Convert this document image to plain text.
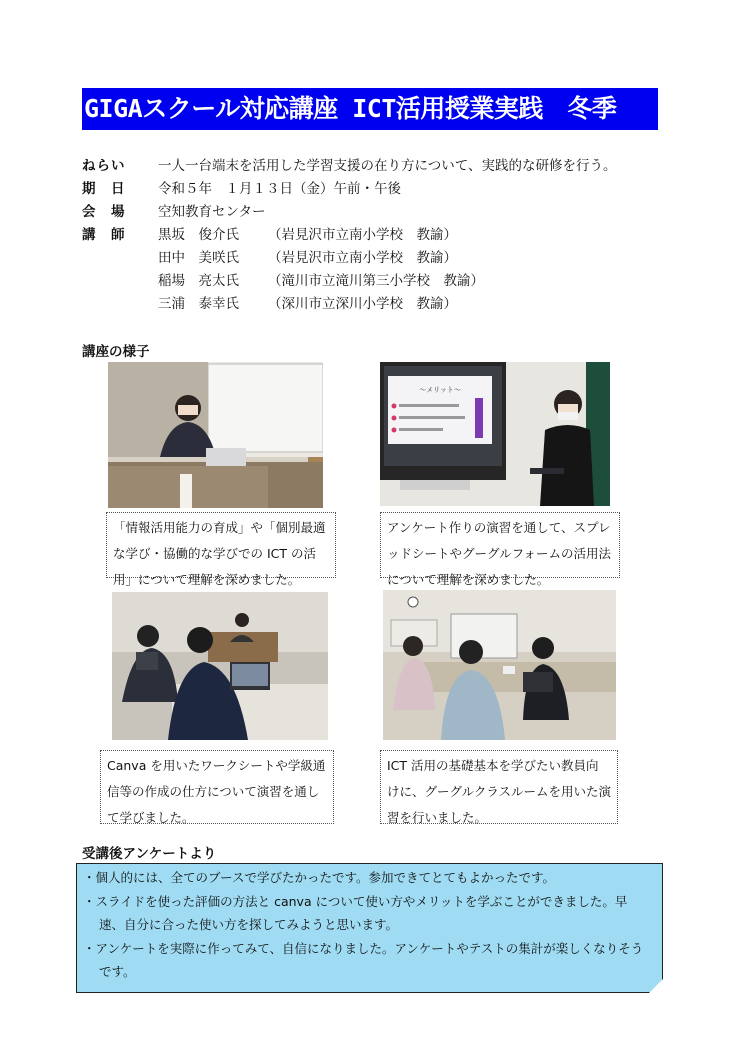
GIGAスクール対応講座 ICT活用授業実践　冬季
ねらい	一人一台端末を活用した学習支援の在り方について、実践的な研修を行う。
期　日	令和５年　１月１３日（金）午前・午後
会　場	空知教育センター
講　師	黒坂　俊介氏	（岩見沢市立南小学校　教諭）
田中　美咲氏	（岩見沢市立南小学校　教諭）
稲場　亮太氏	（滝川市立滝川第三小学校　教諭）
三浦　泰幸氏	（深川市立深川小学校　教諭）
講座の様子
～メリット～
「情報活用能力の育成」や「個別最適な学び・協働的な学びでの ICT の活用」について理解を深めました。
アンケート作りの演習を通して、スプレッドシートやグーグルフォームの活用法について理解を深めました。
Canva を用いたワークシートや学級通信等の作成の仕方について演習を通して学びました。
ICT 活用の基礎基本を学びたい教員向けに、グーグルクラスルームを用いた演習を行いました。
受講後アンケートより
・個人的には、全てのブースで学びたかったです。参加できてとてもよかったです。
・スライドを使った評価の方法と canva について使い方やメリットを学ぶことができました。早速、自分に合った使い方を探してみようと思います。
・アンケートを実際に作ってみて、自信になりました。アンケートやテストの集計が楽しくなりそうです。
